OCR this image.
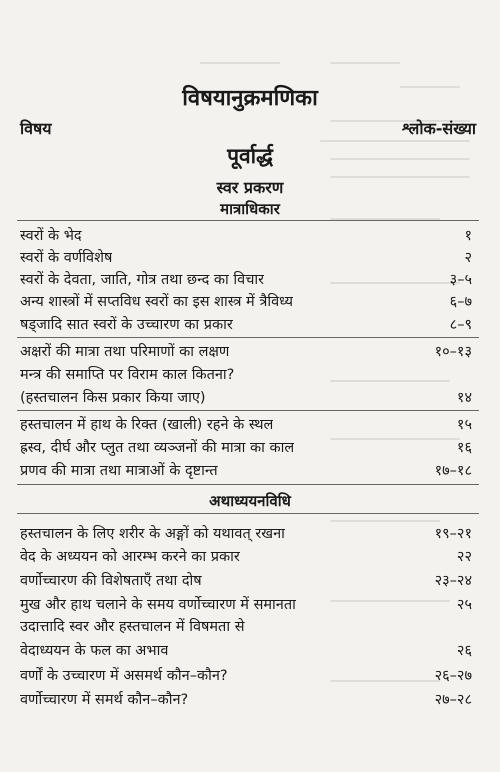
विषयानुक्रमणिका
विषय	श्लोक-संख्या
पूर्वार्द्ध
स्वर प्रकरण
मात्राधिकार
स्वरों के भेद	१
स्वरों के वर्णविशेष	२
स्वरों के देवता, जाति, गोत्र तथा छन्द का विचार	३–५
अन्य शास्त्रों में सप्तविध स्वरों का इस शास्त्र में त्रैविध्य	६–७
षड्जादि सात स्वरों के उच्चारण का प्रकार	८–९
अक्षरों की मात्रा तथा परिमाणों का लक्षण	१०–१३
मन्त्र की समाप्ति पर विराम काल कितना?
(हस्तचालन किस प्रकार किया जाए)	१४
हस्तचालन में हाथ के रिक्त (खाली) रहने के स्थल	१५
ह्रस्व, दीर्घ और प्लुत तथा व्यञ्जनों की मात्रा का काल	१६
प्रणव की मात्रा तथा मात्राओं के दृष्टान्त	१७–१८
अथाध्ययनविधि
हस्तचालन के लिए शरीर के अङ्गों को यथावत् रखना	१९–२१
वेद के अध्ययन को आरम्भ करने का प्रकार	२२
वर्णोच्चारण की विशेषताएँ तथा दोष	२३–२४
मुख और हाथ चलाने के समय वर्णोच्चारण में समानता	२५
उदात्तादि स्वर और हस्तचालन में विषमता से
वेदाध्ययन के फल का अभाव	२६
वर्णों के उच्चारण में असमर्थ कौन–कौन?	२६–२७
वर्णोच्चारण में समर्थ कौन–कौन?	२७–२८
